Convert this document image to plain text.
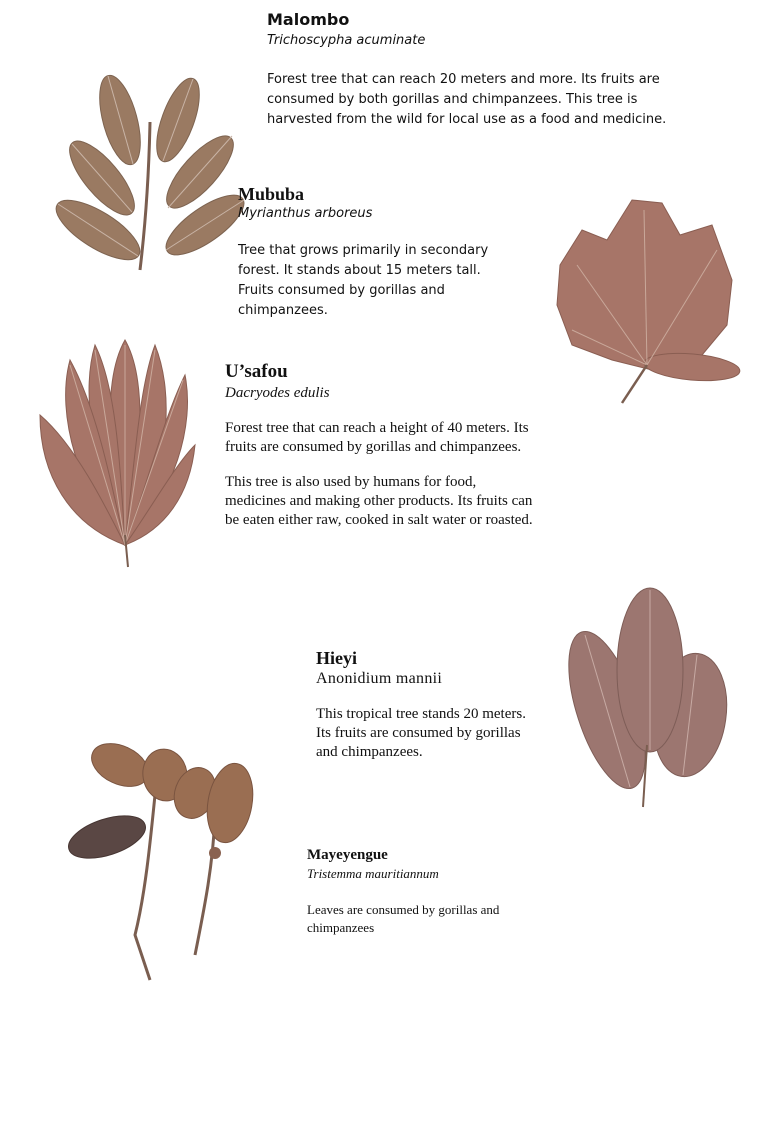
Malombo

Trichoscypha acuminate

Forest tree that can reach 20 meters and more. Its fruits are consumed by both gorillas and chimpanzees. This tree is harvested from the wild for local use as a food and medicine.

Mububa

Myrianthus arboreus

Tree that grows primarily in secondary forest. It stands about 15 meters tall. Fruits consumed by gorillas and chimpanzees.

U’safou

Dacryodes edulis

Forest tree that can reach a height of 40 meters. Its fruits are consumed by gorillas and chimpanzees.

This tree is also used by humans for food, medicines and making other products. Its fruits can be eaten either raw, cooked in salt water or roasted.

Hieyi

Anonidium mannii

This tropical tree stands 20 meters. Its fruits are consumed by gorillas and chimpanzees.

Mayeyengue

Tristemma mauritiannum

Leaves are consumed by gorillas and chimpanzees
